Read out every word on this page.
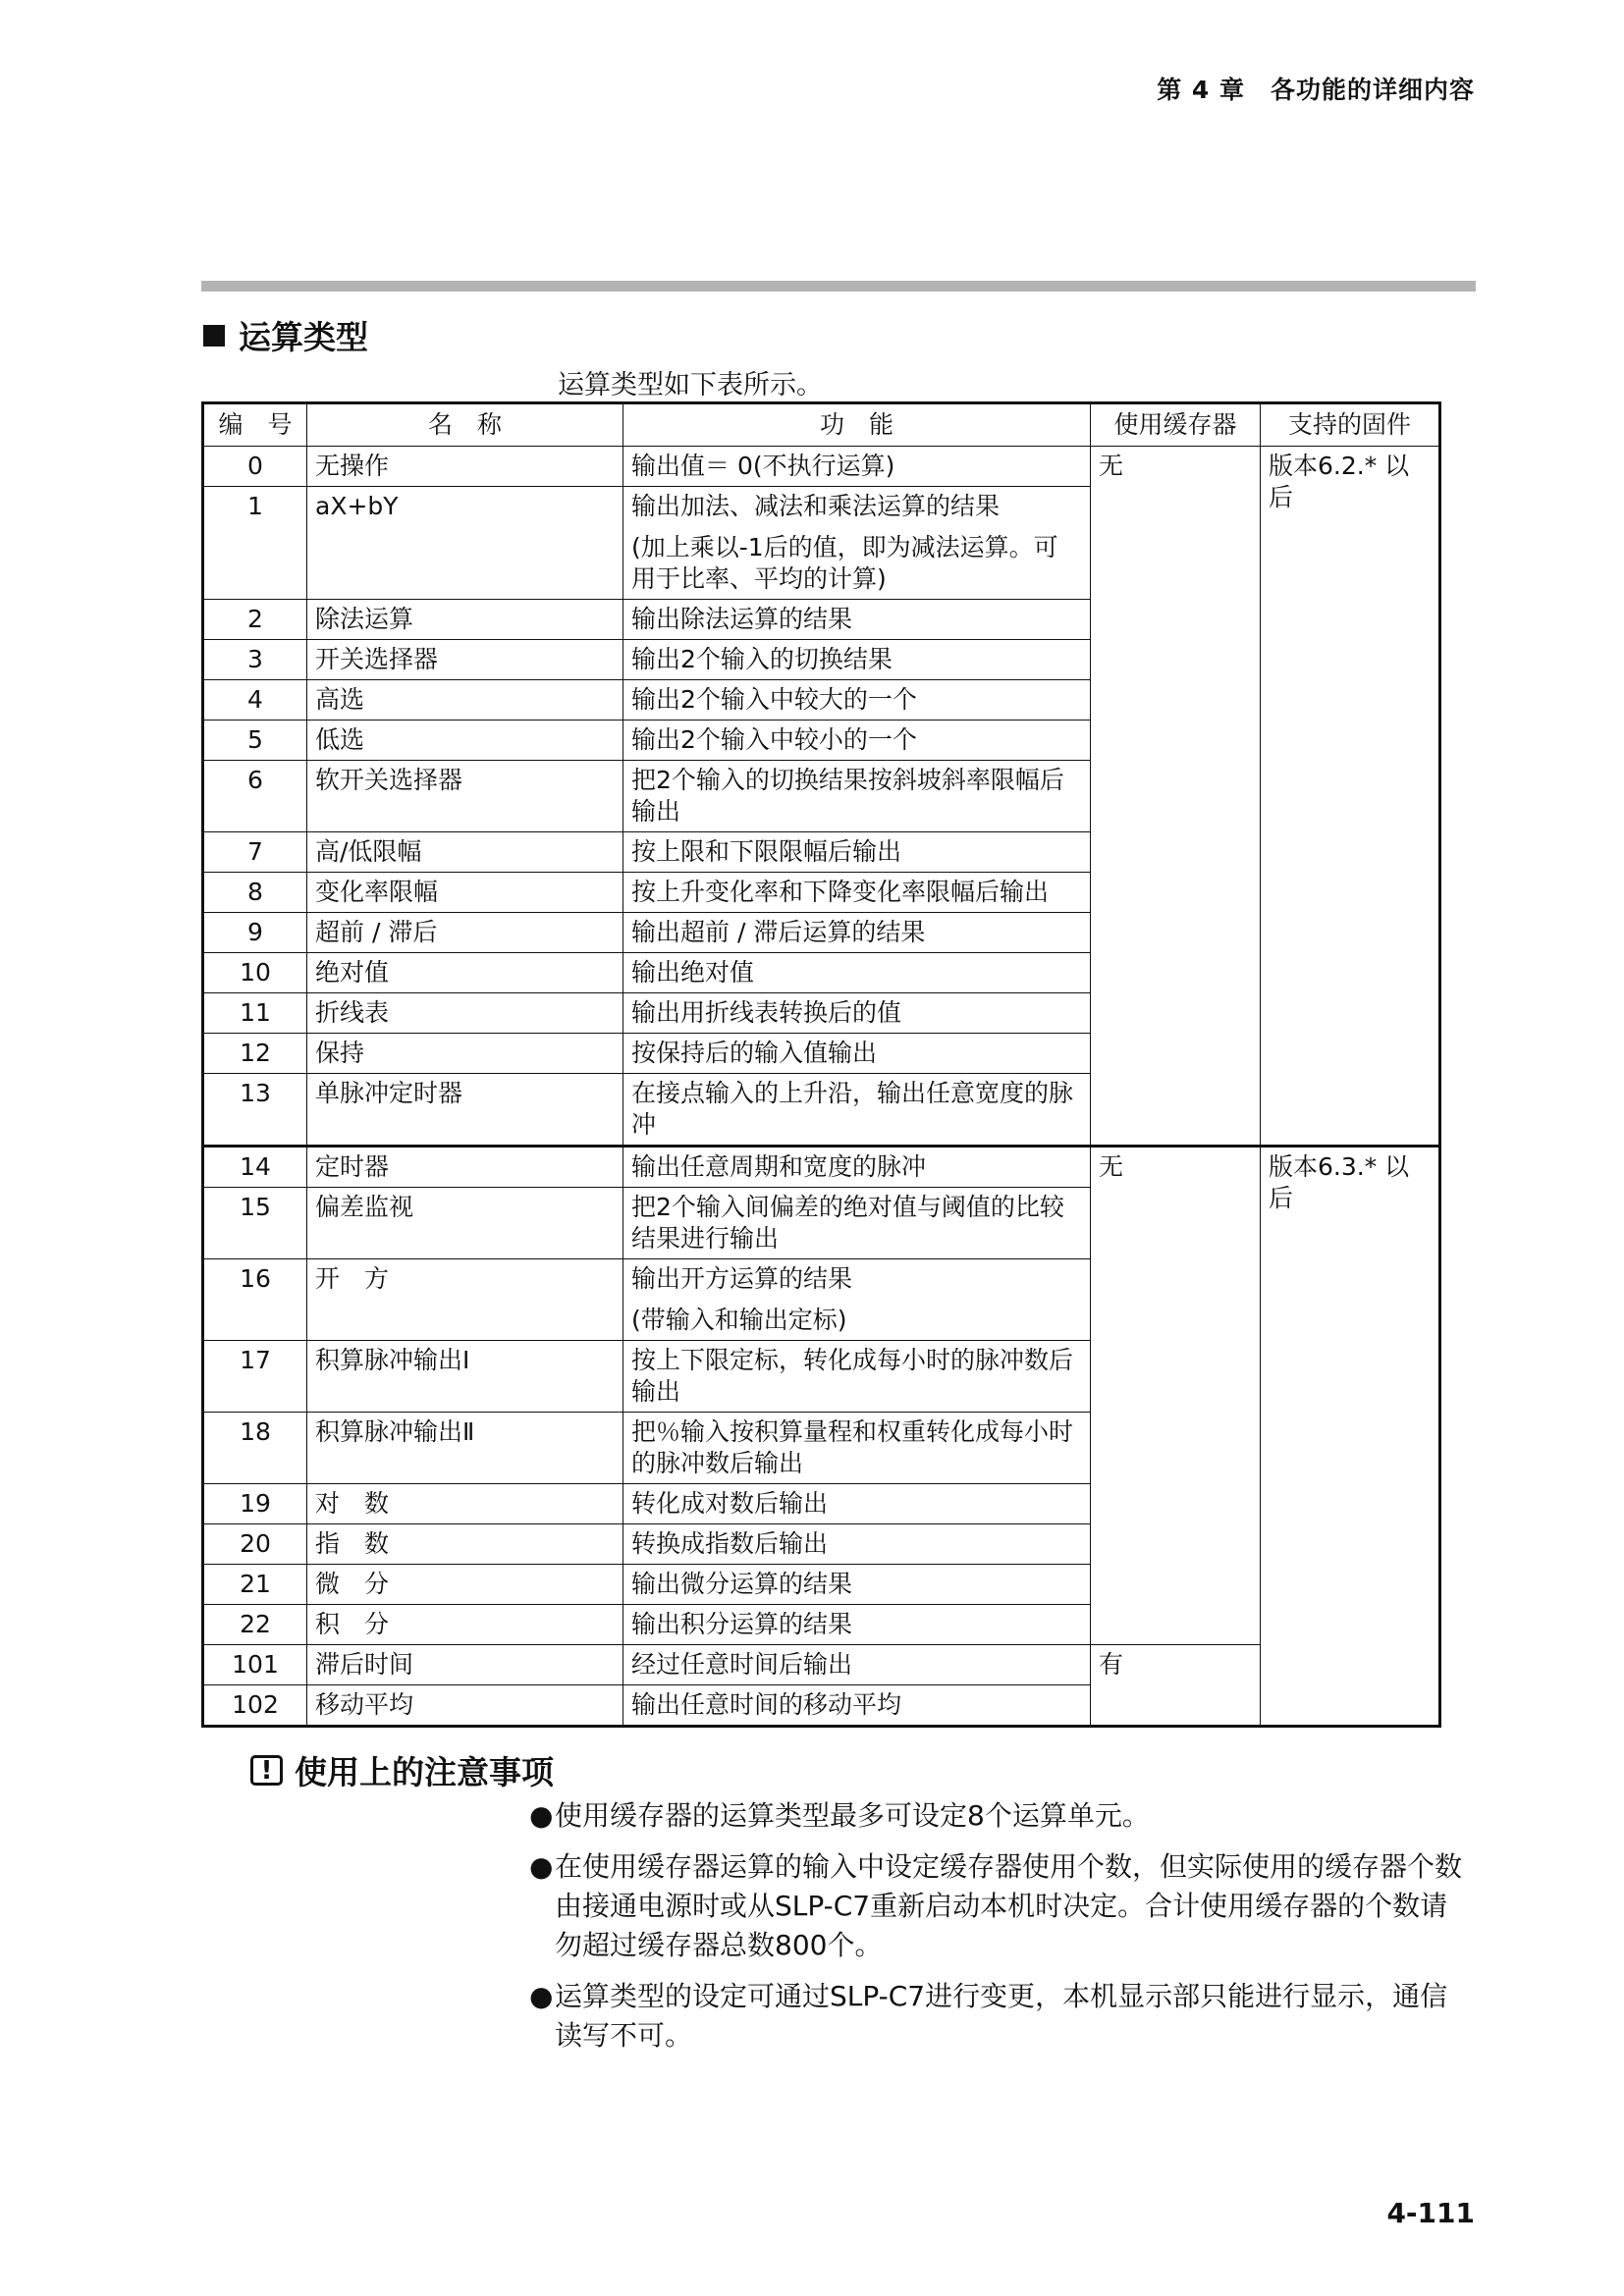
第 4 章　各功能的详细内容
运算类型
运算类型如下表所示。
编　号	名　称	功　能	使用缓存器	支持的固件
0	无操作	输出值＝ 0(不执行运算)	无	版本6.2.* 以后
1	aX+bY	输出加法、减法和乘法运算的结果
(加上乘以-1后的值，即为减法运算。可用于比率、平均的计算)		

2	除法运算	输出除法运算的结果		
3	开关选择器	输出2个输入的切换结果		
4	高选	输出2个输入中较大的一个		
5	低选	输出2个输入中较小的一个		
6	软开关选择器	把2个输入的切换结果按斜坡斜率限幅后输出		
7	高/低限幅	按上限和下限限幅后输出		
8	变化率限幅	按上升变化率和下降变化率限幅后输出		
9	超前 / 滞后	输出超前 / 滞后运算的结果		
10	绝对值	输出绝对值		
11	折线表	输出用折线表转换后的值		
12	保持	按保持后的输入值输出		
13	单脉冲定时器	在接点输入的上升沿，输出任意宽度的脉冲		
14	定时器	输出任意周期和宽度的脉冲	无	版本6.3.* 以后
15	偏差监视	把2个输入间偏差的绝对值与阈值的比较结果进行输出		
16	开　方	输出开方运算的结果
(带输入和输出定标)		

17	积算脉冲输出Ⅰ	按上下限定标，转化成每小时的脉冲数后输出		
18	积算脉冲输出Ⅱ	把％输入按积算量程和权重转化成每小时的脉冲数后输出		
19	对　数	转化成对数后输出		
20	指　数	转换成指数后输出		
21	微　分	输出微分运算的结果		
22	积　分	输出积分运算的结果		
101	滞后时间	经过任意时间后输出	有	
102	移动平均	输出任意时间的移动平均		
! 使用上的注意事项
● 使用缓存器的运算类型最多可设定8个运算单元。
● 在使用缓存器运算的输入中设定缓存器使用个数，但实际使用的缓存器个数由接通电源时或从SLP-C7重新启动本机时决定。合计使用缓存器的个数请勿超过缓存器总数800个。
● 运算类型的设定可通过SLP-C7进行变更，本机显示部只能进行显示，通信读写不可。
4-111
